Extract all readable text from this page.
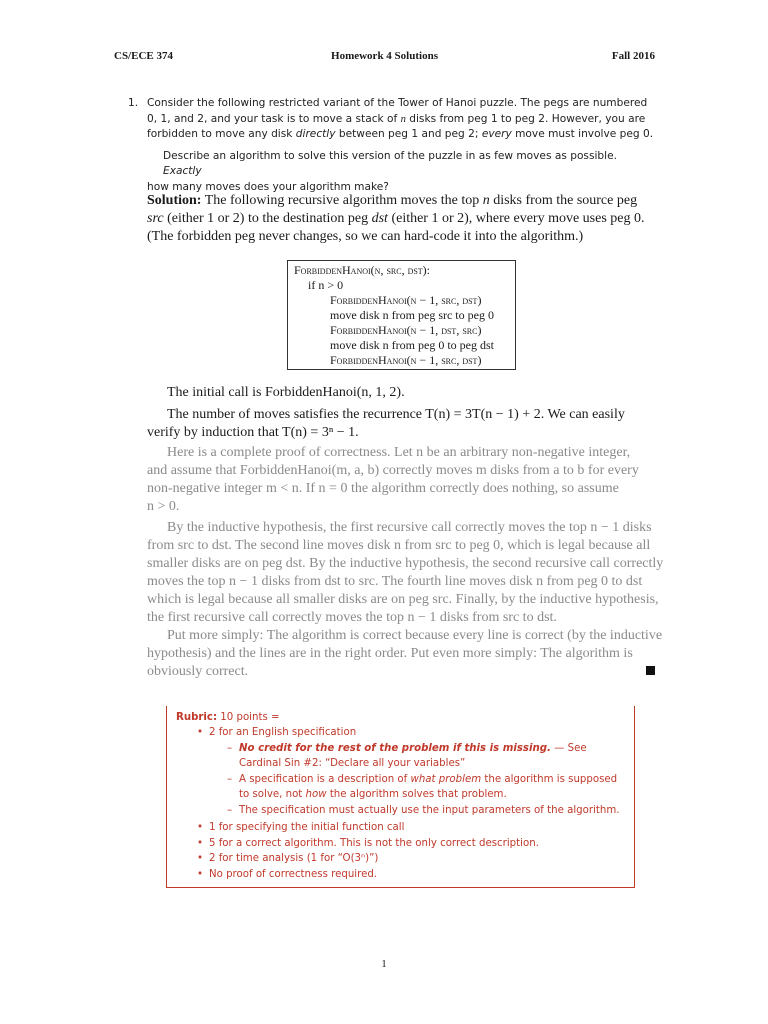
CS/ECE 374	Homework 4 Solutions	Fall 2016
1. Consider the following restricted variant of the Tower of Hanoi puzzle. The pegs are numbered 0, 1, and 2, and your task is to move a stack of n disks from peg 1 to peg 2. However, you are forbidden to move any disk directly between peg 1 and peg 2; every move must involve peg 0.
Describe an algorithm to solve this version of the puzzle in as few moves as possible. Exactly
how many moves does your algorithm make?
Solution: The following recursive algorithm moves the top n disks from the source peg src (either 1 or 2) to the destination peg dst (either 1 or 2), where every move uses peg 0. (The forbidden peg never changes, so we can hard-code it into the algorithm.)
ForbiddenHanoi(n, src, dst):
if n > 0
ForbiddenHanoi(n − 1, src, dst)
move disk n from peg src to peg 0
ForbiddenHanoi(n − 1, dst, src)
move disk n from peg 0 to peg dst
ForbiddenHanoi(n − 1, src, dst)
The initial call is ForbiddenHanoi(n, 1, 2).
The number of moves satisfies the recurrence T(n) = 3T(n − 1) + 2. We can easily
verify by induction that T(n) = 3ⁿ − 1.
Here is a complete proof of correctness. Let n be an arbitrary non-negative integer,
and assume that ForbiddenHanoi(m, a, b) correctly moves m disks from a to b for every
non-negative integer m < n. If n = 0 the algorithm correctly does nothing, so assume
n > 0.
By the inductive hypothesis, the first recursive call correctly moves the top n − 1 disks
from src to dst. The second line moves disk n from src to peg 0, which is legal because all
smaller disks are on peg dst. By the inductive hypothesis, the second recursive call correctly
moves the top n − 1 disks from dst to src. The fourth line moves disk n from peg 0 to dst
which is legal because all smaller disks are on peg src. Finally, by the inductive hypothesis,
the first recursive call correctly moves the top n − 1 disks from src to dst.
Put more simply: The algorithm is correct because every line is correct (by the inductive
hypothesis) and the lines are in the right order. Put even more simply: The algorithm is
obviously correct.
Rubric: 10 points =
• 2 for an English specification
– No credit for the rest of the problem if this is missing. — See
Cardinal Sin #2: “Declare all your variables”
– A specification is a description of what problem the algorithm is supposed
to solve, not how the algorithm solves that problem.
– The specification must actually use the input parameters of the algorithm.
• 1 for specifying the initial function call
• 5 for a correct algorithm. This is not the only correct description.
• 2 for time analysis (1 for “O(3ⁿ)”)
• No proof of correctness required.
1
